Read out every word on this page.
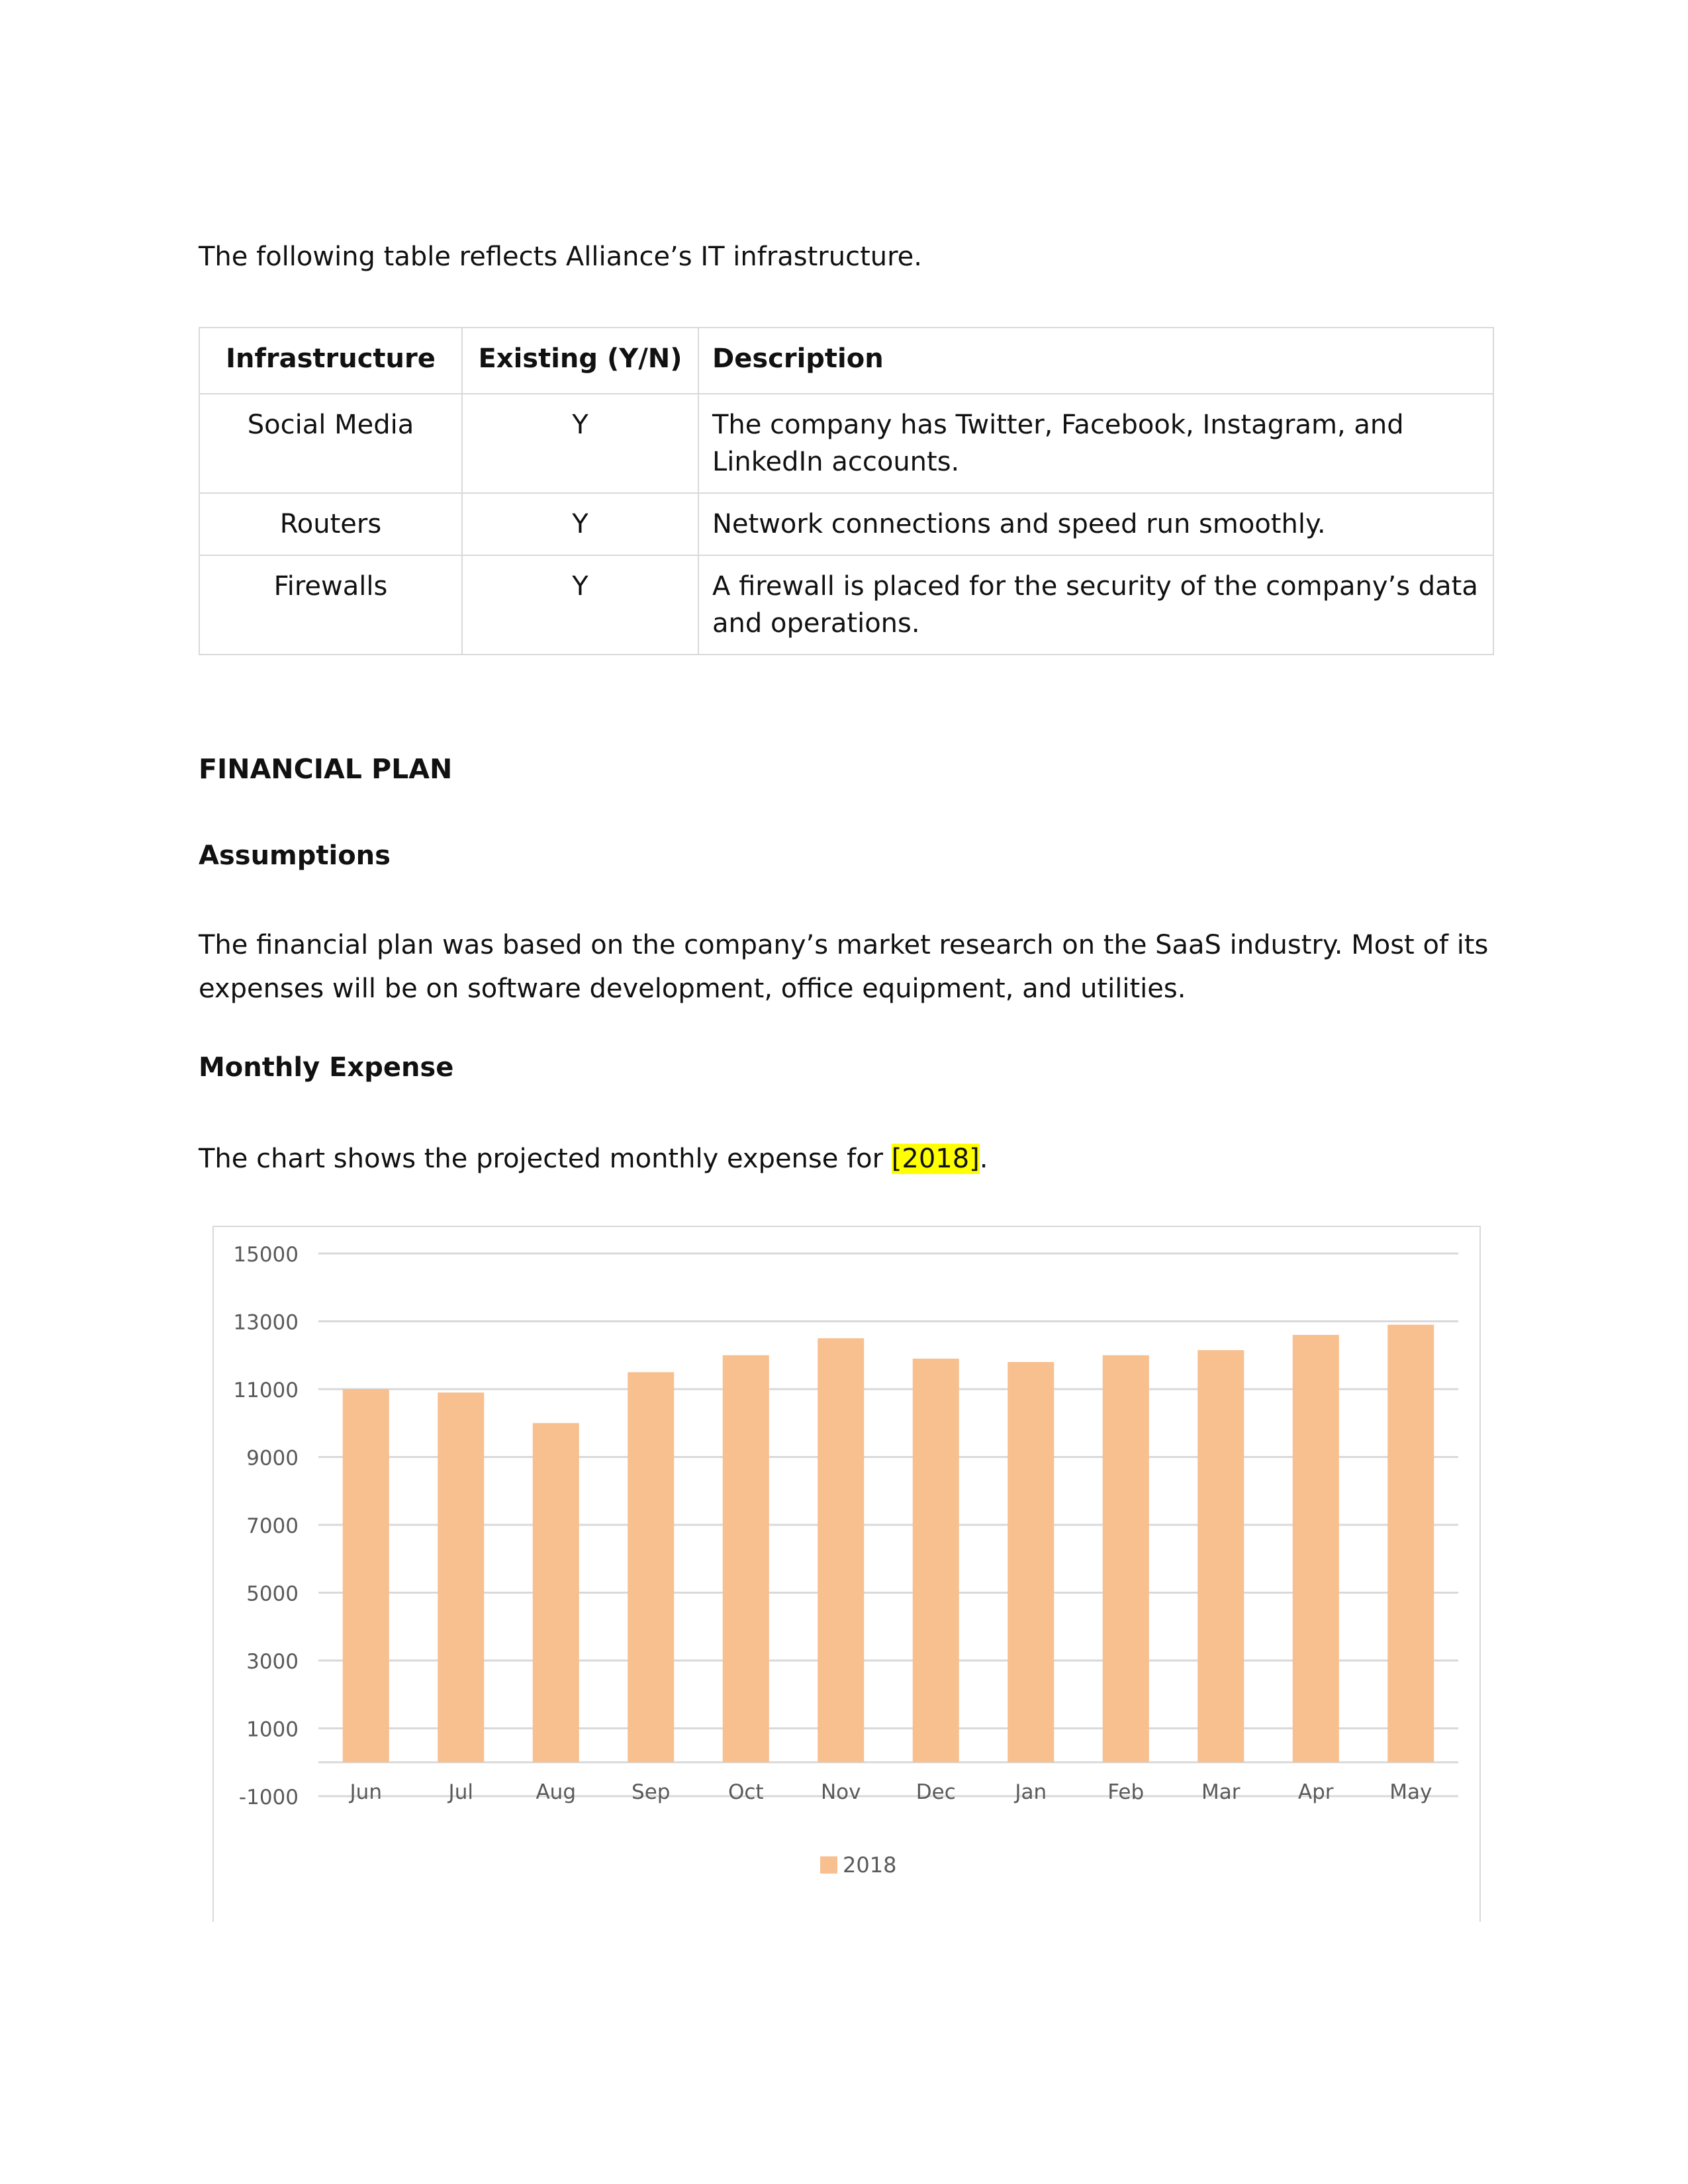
The following table reflects Alliance’s IT infrastructure.

Infrastructure	Existing (Y/N)	Description
Social Media	Y	The company has Twitter, Facebook, Instagram, and LinkedIn accounts.
Routers	Y	Network connections and speed run smoothly.
Firewalls	Y	A firewall is placed for the security of the company’s data and operations.
FINANCIAL PLAN
Assumptions

The financial plan was based on the company’s market research on the SaaS industry. Most of its expenses will be on software development, office equipment, and utilities.

Monthly Expense

The chart shows the projected monthly expense for [2018].

15000
13000
11000
9000
7000
5000
3000
1000
-1000	Jun	Jul	Aug	Sep	Oct	Nov	Dec	Jan	Feb	Mar	Apr	May
2018
